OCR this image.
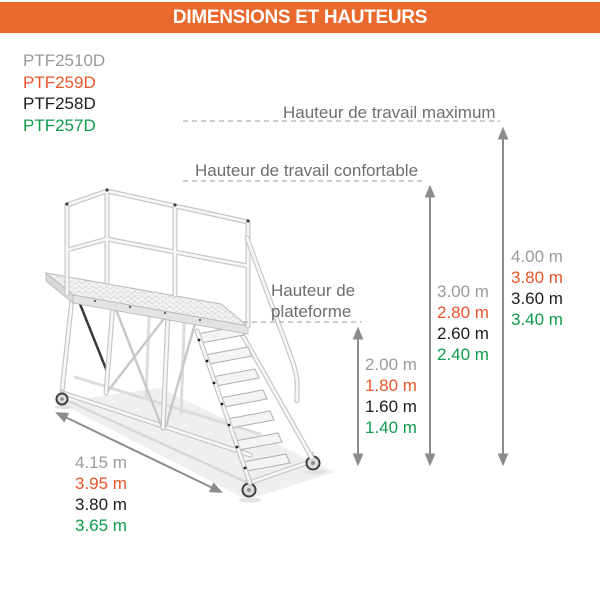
DIMENSIONS ET HAUTEURS
PTF2510D
PTF259D
PTF258D
PTF257D
Hauteur de travail maximum
Hauteur de travail confortable
Hauteur de
plateforme
4.00 m
3.80 m
3.60 m
3.40 m
3.00 m
2.80 m
2.60 m
2.40 m
2.00 m
1.80 m
1.60 m
1.40 m
4.15 m
3.95 m
3.80 m
3.65 m
